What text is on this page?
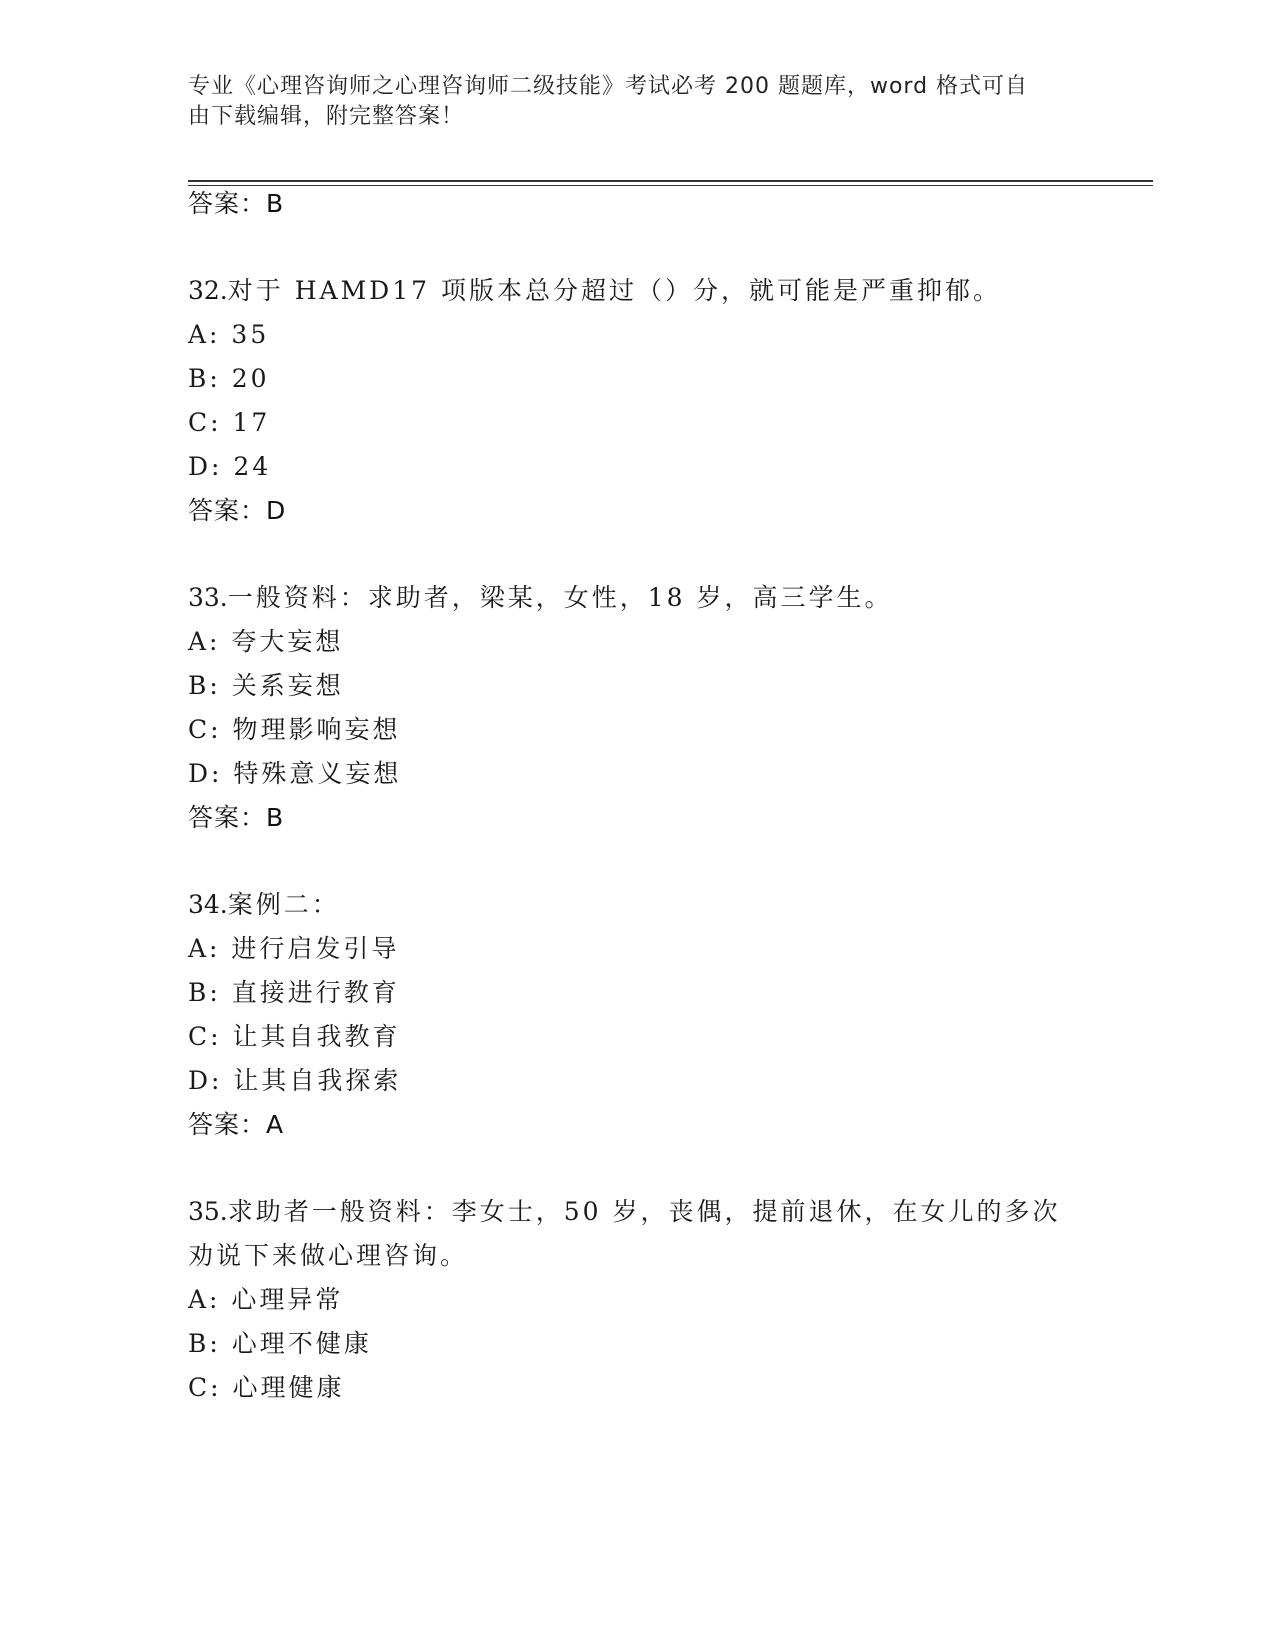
专业《心理咨询师之心理咨询师二级技能》考试必考 200 题题库，word 格式可自
由下载编辑，附完整答案！

答案：B

32.对于 HAMD17 项版本总分超过（）分，就可能是严重抑郁。

A: 35

B: 20

C: 17

D: 24

答案：D

33.一般资料：求助者，梁某，女性，18 岁，高三学生。

A: 夸大妄想

B: 关系妄想

C: 物理影响妄想

D: 特殊意义妄想

答案：B

34.案例二：

A: 进行启发引导

B: 直接进行教育

C: 让其自我教育

D: 让其自我探索

答案：A

35.求助者一般资料：李女士，50 岁，丧偶，提前退休，在女儿的多次

劝说下来做心理咨询。

A: 心理异常

B: 心理不健康

C: 心理健康
